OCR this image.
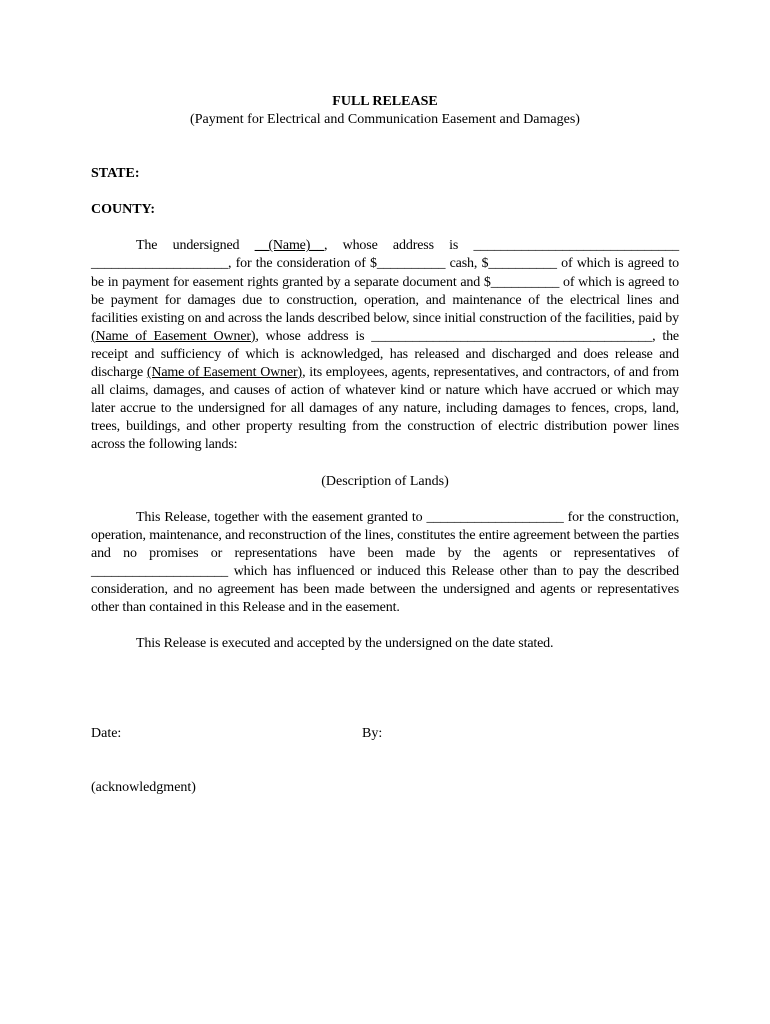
FULL RELEASE

(Payment for Electrical and Communication Easement and Damages)

STATE:

COUNTY:

The undersigned __(Name)__, whose address is ______________________________ ____________________, for the consideration of $__________ cash, $__________ of which is agreed to be in payment for easement rights granted by a separate document and $__________ of which is agreed to be payment for damages due to construction, operation, and maintenance of the electrical lines and facilities existing on and across the lands described below, since initial construction of the facilities, paid by (Name of Easement Owner), whose address is _________________________________________, the receipt and sufficiency of which is acknowledged, has released and discharged and does release and discharge (Name of Easement Owner), its employees, agents, representatives, and contractors, of and from all claims, damages, and causes of action of whatever kind or nature which have accrued or which may later accrue to the undersigned for all damages of any nature, including damages to fences, crops, land, trees, buildings, and other property resulting from the construction of electric distribution power lines across the following lands:

(Description of Lands)

This Release, together with the easement granted to ____________________ for the construction, operation, maintenance, and reconstruction of the lines, constitutes the entire agreement between the parties and no promises or representations have been made by the agents or representatives of ____________________ which has influenced or induced this Release other than to pay the described consideration, and no agreement has been made between the undersigned and agents or representatives other than contained in this Release and in the easement.

This Release is executed and accepted by the undersigned on the date stated.

Date:	By:

(acknowledgment)
